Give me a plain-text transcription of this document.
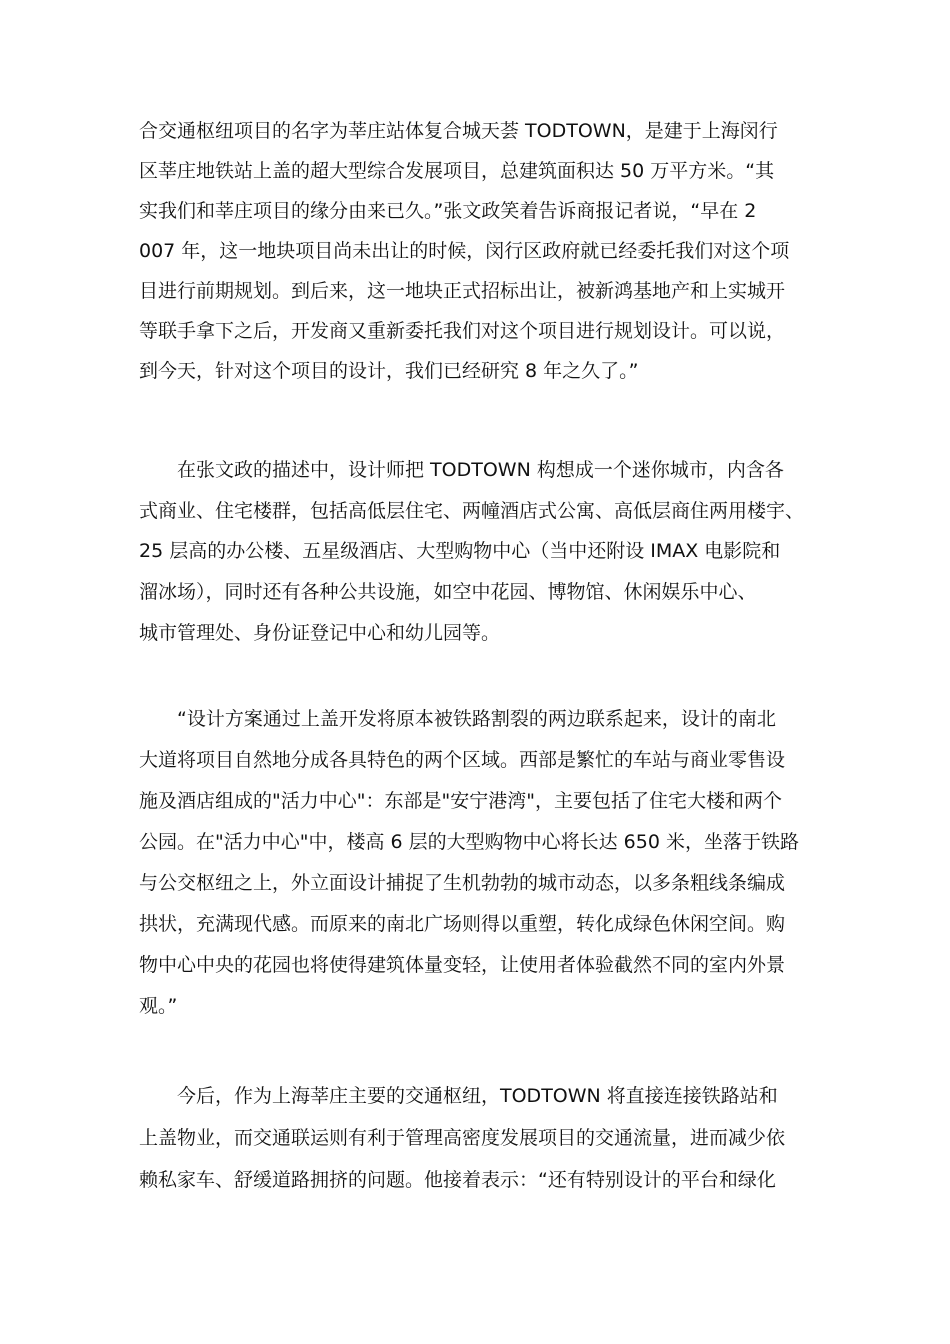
合交通枢纽项目的名字为莘庄站体复合城天荟 TODTOWN，是建于上海闵行
区莘庄地铁站上盖的超大型综合发展项目，总建筑面积达 50 万平方米。“其
实我们和莘庄项目的缘分由来已久。”张文政笑着告诉商报记者说，“早在 2
007 年，这一地块项目尚未出让的时候，闵行区政府就已经委托我们对这个项
目进行前期规划。到后来，这一地块正式招标出让，被新鸿基地产和上实城开
等联手拿下之后，开发商又重新委托我们对这个项目进行规划设计。可以说，
到今天，针对这个项目的设计，我们已经研究 8 年之久了。”
　　在张文政的描述中，设计师把 TODTOWN 构想成一个迷你城市，内含各
式商业、住宅楼群，包括高低层住宅、两幢酒店式公寓、高低层商住两用楼宇、
25 层高的办公楼、五星级酒店、大型购物中心（当中还附设 IMAX 电影院和
溜冰场），同时还有各种公共设施，如空中花园、博物馆、休闲娱乐中心、
城市管理处、身份证登记中心和幼儿园等。
　　“设计方案通过上盖开发将原本被铁路割裂的两边联系起来，设计的南北
大道将项目自然地分成各具特色的两个区域。西部是繁忙的车站与商业零售设
施及酒店组成的"活力中心"：东部是"安宁港湾"，主要包括了住宅大楼和两个
公园。在"活力中心"中，楼高 6 层的大型购物中心将长达 650 米，坐落于铁路
与公交枢纽之上，外立面设计捕捉了生机勃勃的城市动态，以多条粗线条编成
拱状，充满现代感。而原来的南北广场则得以重塑，转化成绿色休闲空间。购
物中心中央的花园也将使得建筑体量变轻，让使用者体验截然不同的室内外景
观。”
　　今后，作为上海莘庄主要的交通枢纽，TODTOWN 将直接连接铁路站和
上盖物业，而交通联运则有利于管理高密度发展项目的交通流量，进而减少依
赖私家车、舒缓道路拥挤的问题。他接着表示：“还有特别设计的平台和绿化
